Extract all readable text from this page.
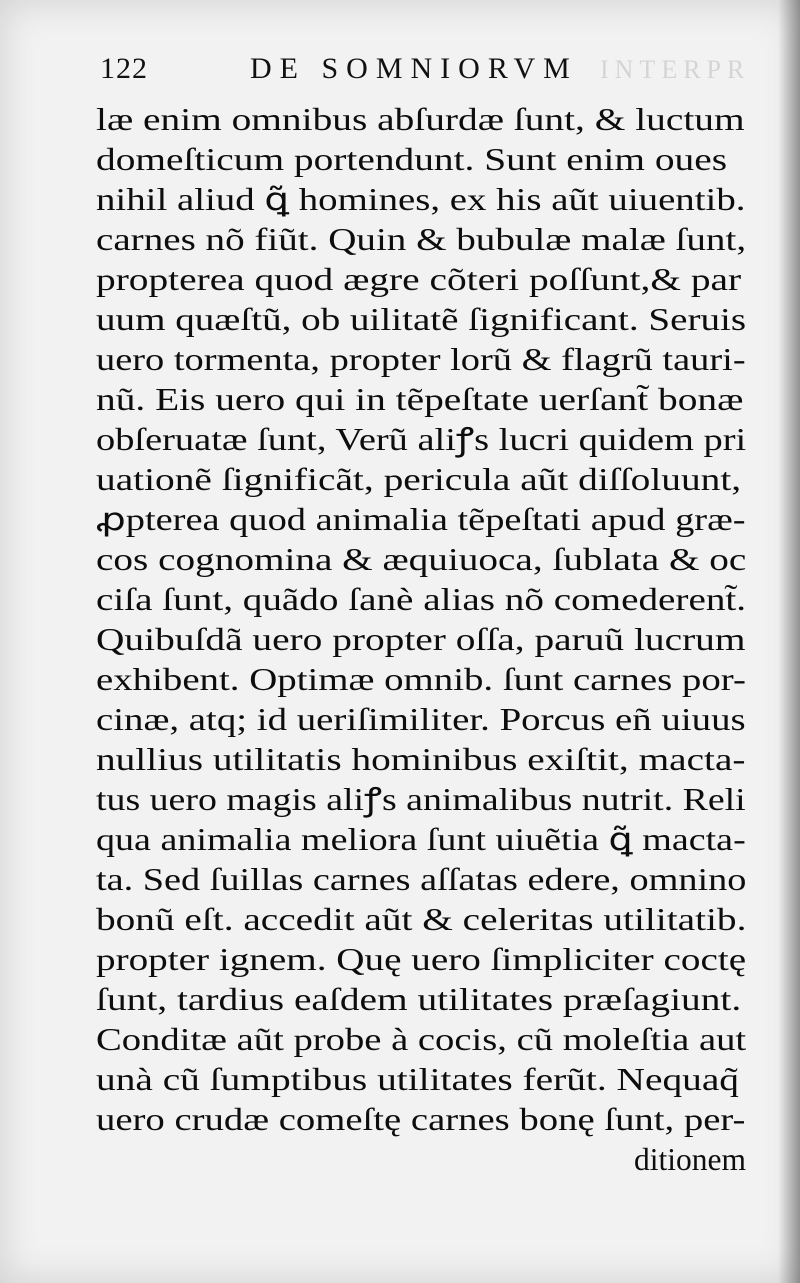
INTERPR
122	DE SOMNIORVM
læ enim omnibus abſurdæ ſunt, & luctum
domeſticum portendunt. Sunt enim oues
nihil aliud ꝗ̃ homines, ex his aũt uiuentib.
carnes nõ fiũt. Quin & bubulæ malæ ſunt,
propterea quod ægre cõteri poſſunt,& par
uum quæſtũ, ob uilitatẽ ſignificant. Seruis
uero tormenta, propter lorũ & flagrũ tauri-
nũ. Eis uero qui in tẽpeſtate uerſant̃ bonæ
obſeruatæ ſunt, Verũ aliꝭs lucri quidem pri
uationẽ ſignificãt, pericula aũt diſſoluunt,
ꝓpterea quod animalia tẽpeſtati apud græ-
cos cognomina & æquiuoca, ſublata & oc
ciſa ſunt, quãdo ſanè alias nõ comederent̃.
Quibuſdã uero propter oſſa, paruũ lucrum
exhibent. Optimæ omnib. ſunt carnes por-
cinæ, atq; id ueriſimiliter. Porcus eñ uiuus
nullius utilitatis hominibus exiſtit, macta-
tus uero magis aliꝭs animalibus nutrit. Reli
qua animalia meliora ſunt uiuẽtia ꝗ̃ macta-
ta. Sed ſuillas carnes aſſatas edere, omnino
bonũ eſt. accedit aũt & celeritas utilitatib.
propter ignem. Quę uero ſimpliciter coctę
ſunt, tardius eaſdem utilitates præſagiunt.
Conditæ aũt probe à cocis, cũ moleſtia aut
unà cũ ſumptibus utilitates ferũt. Nequaq̃
uero crudæ comeſtę carnes bonę ſunt, per-
ditionem
